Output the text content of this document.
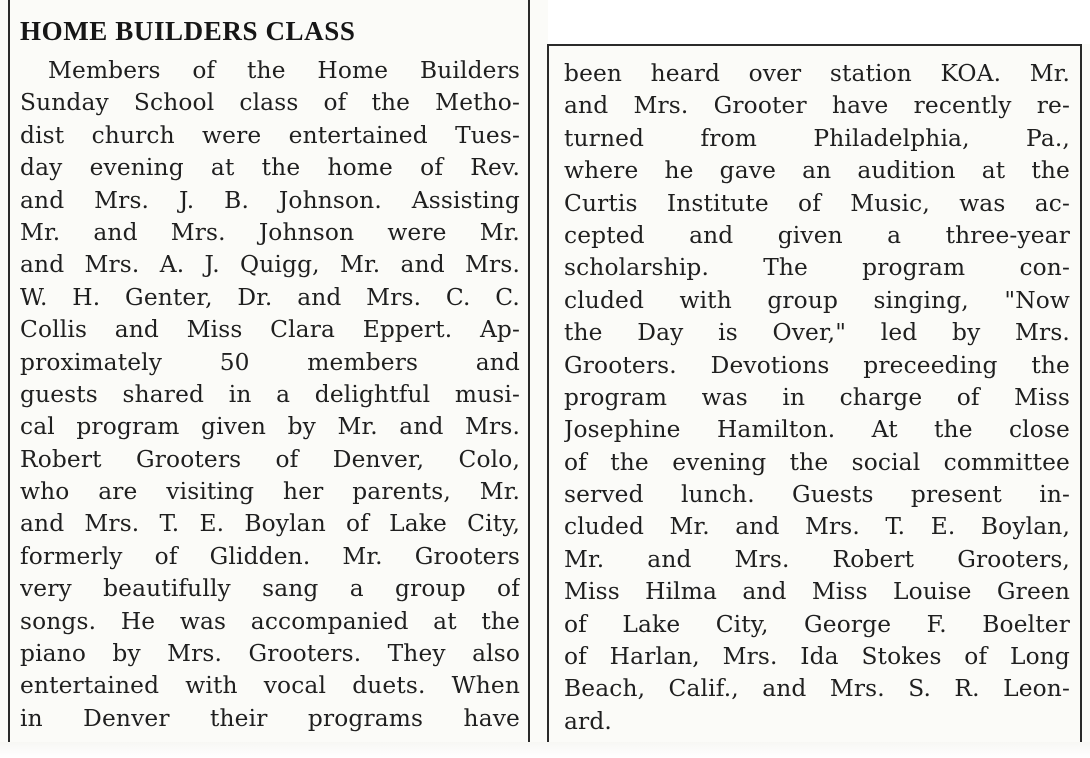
HOME BUILDERS CLASS
Members of the Home Builders
Sunday School class of the Metho-
dist church were entertained Tues-
day evening at the home of Rev.
and Mrs. J. B. Johnson. Assisting
Mr. and Mrs. Johnson were Mr.
and Mrs. A. J. Quigg, Mr. and Mrs.
W. H. Genter, Dr. and Mrs. C. C.
Collis and Miss Clara Eppert. Ap-
proximately 50 members and
guests shared in a delightful musi-
cal program given by Mr. and Mrs.
Robert Grooters of Denver, Colo,
who are visiting her parents, Mr.
and Mrs. T. E. Boylan of Lake City,
formerly of Glidden. Mr. Grooters
very beautifully sang a group of
songs. He was accompanied at the
piano by Mrs. Grooters. They also
entertained with vocal duets. When
in Denver their programs have
been heard over station KOA. Mr.
and Mrs. Grooter have recently re-
turned from Philadelphia, Pa.,
where he gave an audition at the
Curtis Institute of Music, was ac-
cepted and given a three-year
scholarship. The program con-
cluded with group singing, "Now
the Day is Over," led by Mrs.
Grooters. Devotions preceeding the
program was in charge of Miss
Josephine Hamilton. At the close
of the evening the social committee
served lunch. Guests present in-
cluded Mr. and Mrs. T. E. Boylan,
Mr. and Mrs. Robert Grooters,
Miss Hilma and Miss Louise Green
of Lake City, George F. Boelter
of Harlan, Mrs. Ida Stokes of Long
Beach, Calif., and Mrs. S. R. Leon-
ard.
